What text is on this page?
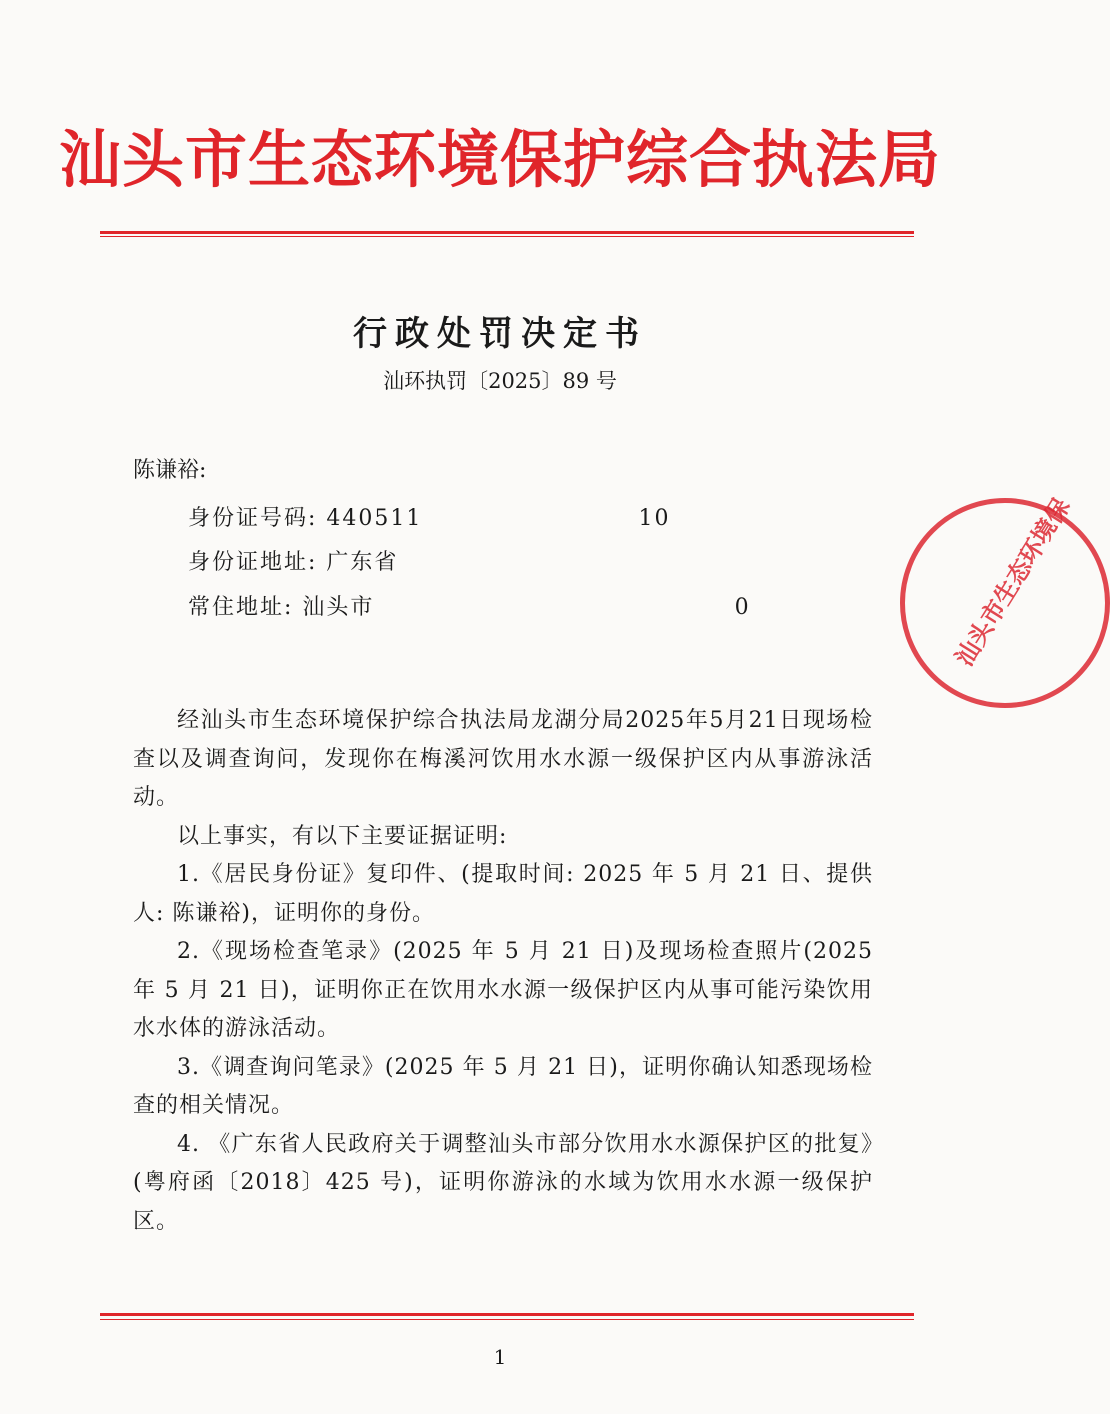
汕头市生态环境保护综合执法局
行政处罚决定书
汕环执罚〔2025〕89 号
陈谦裕:
身份证号码: 440511	10
身份证地址: 广东省
常住地址: 汕头市	0

经汕头市生态环境保护综合执法局龙湖分局2025年5月21日现场检查以及调查询问，发现你在梅溪河饮用水水源一级保护区内从事游泳活动。

以上事实，有以下主要证据证明:

1.《居民身份证》复印件、(提取时间: 2025 年 5 月 21 日、提供人: 陈谦裕)，证明你的身份。

2.《现场检查笔录》(2025 年 5 月 21 日)及现场检查照片(2025 年 5 月 21 日)，证明你正在饮用水水源一级保护区内从事可能污染饮用水水体的游泳活动。

3.《调查询问笔录》(2025 年 5 月 21 日)，证明你确认知悉现场检查的相关情况。

4. 《广东省人民政府关于调整汕头市部分饮用水水源保护区的批复》(粤府函〔2018〕425 号)，证明你游泳的水域为饮用水水源一级保护区。

汕头市生态环境保
1
